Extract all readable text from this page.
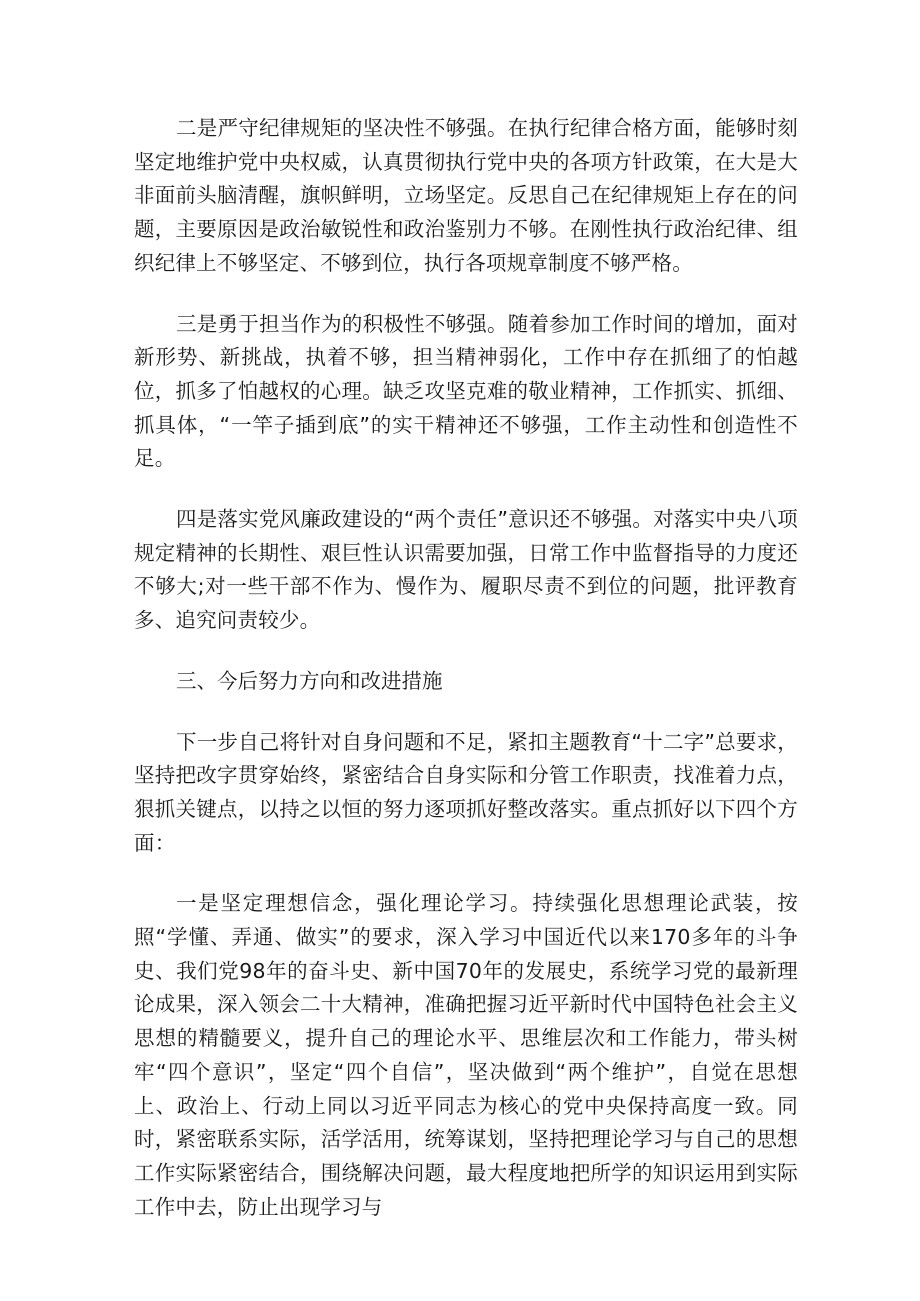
二是严守纪律规矩的坚决性不够强。在执行纪律合格方面，能够时刻坚定地维护党中央权威，认真贯彻执行党中央的各项方针政策，在大是大非面前头脑清醒，旗帜鲜明，立场坚定。反思自己在纪律规矩上存在的问题，主要原因是政治敏锐性和政治鉴别力不够。在刚性执行政治纪律、组织纪律上不够坚定、不够到位，执行各项规章制度不够严格。

三是勇于担当作为的积极性不够强。随着参加工作时间的增加，面对新形势、新挑战，执着不够，担当精神弱化，工作中存在抓细了的怕越位，抓多了怕越权的心理。缺乏攻坚克难的敬业精神，工作抓实、抓细、抓具体，“一竿子插到底”的实干精神还不够强，工作主动性和创造性不足。

四是落实党风廉政建设的“两个责任”意识还不够强。对落实中央八项规定精神的长期性、艰巨性认识需要加强，日常工作中监督指导的力度还不够大;对一些干部不作为、慢作为、履职尽责不到位的问题，批评教育多、追究问责较少。

三、今后努力方向和改进措施

下一步自己将针对自身问题和不足，紧扣主题教育“十二字”总要求，坚持把改字贯穿始终，紧密结合自身实际和分管工作职责，找准着力点，狠抓关键点，以持之以恒的努力逐项抓好整改落实。重点抓好以下四个方面：

一是坚定理想信念，强化理论学习。持续强化思想理论武装，按照“学懂、弄通、做实”的要求，深入学习中国近代以来170多年的斗争史、我们党98年的奋斗史、新中国70年的发展史，系统学习党的最新理论成果，深入领会二十大精神，准确把握习近平新时代中国特色社会主义思想的精髓要义，提升自己的理论水平、思维层次和工作能力，带头树牢“四个意识”，坚定“四个自信”，坚决做到“两个维护”，自觉在思想上、政治上、行动上同以习近平同志为核心的党中央保持高度一致。同时，紧密联系实际，活学活用，统筹谋划，坚持把理论学习与自己的思想工作实际紧密结合，围绕解决问题，最大程度地把所学的知识运用到实际工作中去，防止出现学习与
